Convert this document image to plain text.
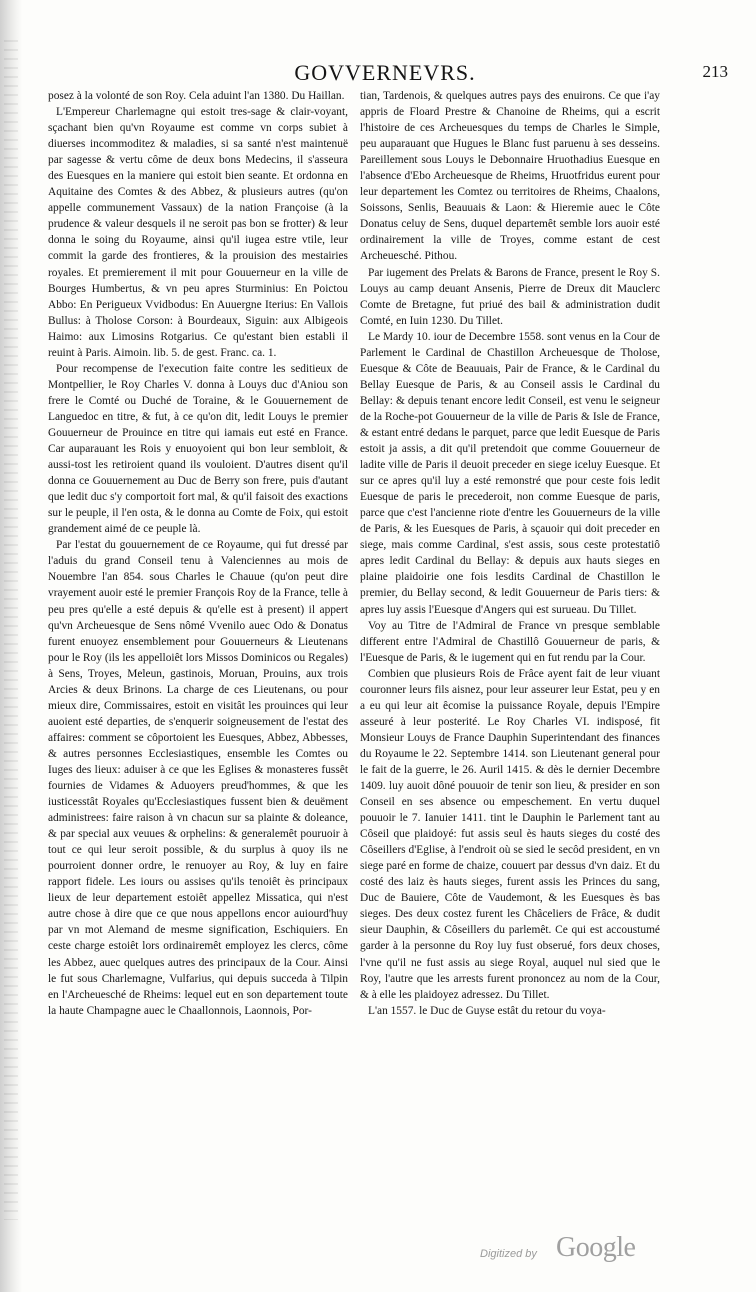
GOVVERNEVRS.	213

posez à la volonté de son Roy. Cela aduint l'an 1380. Du Haillan.

L'Empereur Charlemagne qui estoit tres-sage & clair-voyant, sçachant bien qu'vn Royaume est comme vn corps subiet à diuerses incommoditez & maladies, si sa santé n'est maintenuë par sagesse & vertu côme de deux bons Medecins, il s'asseura des Euesques en la maniere qui estoit bien seante. Et ordonna en Aquitaine des Comtes & des Abbez, & plusieurs autres (qu'on appelle communement Vassaux) de la nation Françoise (à la prudence & valeur desquels il ne seroit pas bon se frotter) & leur donna le soing du Royaume, ainsi qu'il iugea estre vtile, leur commit la garde des frontieres, & la prouision des mestairies royales. Et premierement il mit pour Gouuerneur en la ville de Bourges Humbertus, & vn peu apres Sturminius: En Poictou Abbo: En Perigueux Vvidbodus: En Auuergne Iterius: En Vallois Bullus: à Tholose Corson: à Bourdeaux, Siguin: aux Albigeois Haimo: aux Limosins Rotgarius. Ce qu'estant bien establi il reuint à Paris. Aimoin. lib. 5. de gest. Franc. ca. 1.

Pour recompense de l'execution faite contre les seditieux de Montpellier, le Roy Charles V. donna à Louys duc d'Aniou son frere le Comté ou Duché de Toraine, & le Gouuernement de Languedoc en titre, & fut, à ce qu'on dit, ledit Louys le premier Gouuerneur de Prouince en titre qui iamais eut esté en France. Car auparauant les Rois y enuoyoient qui bon leur sembloit, & aussi-tost les retiroient quand ils vouloient. D'autres disent qu'il donna ce Gouuernement au Duc de Berry son frere, puis d'autant que ledit duc s'y comportoit fort mal, & qu'il faisoit des exactions sur le peuple, il l'en osta, & le donna au Comte de Foix, qui estoit grandement aimé de ce peuple là.

Par l'estat du gouuernement de ce Royaume, qui fut dressé par l'aduis du grand Conseil tenu à Valenciennes au mois de Nouembre l'an 854. sous Charles le Chauue (qu'on peut dire vrayement auoir esté le premier François Roy de la France, telle à peu pres qu'elle a esté depuis & qu'elle est à present) il appert qu'vn Archeuesque de Sens nômé Vvenilo auec Odo & Donatus furent enuoyez ensemblement pour Gouuerneurs & Lieutenans pour le Roy (ils les appelloiêt lors Missos Dominicos ou Regales) à Sens, Troyes, Meleun, gastinois, Moruan, Prouins, aux trois Arcies & deux Brinons. La charge de ces Lieutenans, ou pour mieux dire, Commissaires, estoit en visitât les prouinces qui leur auoient esté departies, de s'enquerir soigneusement de l'estat des affaires: comment se côportoient les Euesques, Abbez, Abbesses, & autres personnes Ecclesiastiques, ensemble les Comtes ou Iuges des lieux: aduiser à ce que les Eglises & monasteres fussêt fournies de Vidames & Aduoyers preud'hommes, & que les iusticesstât Royales qu'Ecclesiastiques fussent bien & deuëment administrees: faire raison à vn chacun sur sa plainte & doleance, & par special aux veuues & orphelins: & generalemêt pouruoir à tout ce qui leur seroit possible, & du surplus à quoy ils ne pourroient donner ordre, le renuoyer au Roy, & luy en faire rapport fidele. Les iours ou assises qu'ils tenoiêt ès principaux lieux de leur departement estoiêt appellez Missatica, qui n'est autre chose à dire que ce que nous appellons encor auiourd'huy par vn mot Alemand de mesme signification, Eschiquiers. En ceste charge estoiêt lors ordinairemêt employez les clercs, côme les Abbez, auec quelques autres des principaux de la Cour. Ainsi le fut sous Charlemagne, Vulfarius, qui depuis succeda à Tilpin en l'Archeuesché de Rheims: lequel eut en son departement toute la haute Champagne auec le Chaallonnois, Laonnois, Por-

tian, Tardenois, & quelques autres pays des enuirons. Ce que i'ay appris de Floard Prestre & Chanoine de Rheims, qui a escrit l'histoire de ces Archeuesques du temps de Charles le Simple, peu auparauant que Hugues le Blanc fust paruenu à ses desseins. Pareillement sous Louys le Debonnaire Hruothadius Euesque en l'absence d'Ebo Archeuesque de Rheims, Hruotfridus eurent pour leur departement les Comtez ou territoires de Rheims, Chaalons, Soissons, Senlis, Beauuais & Laon: & Hieremie auec le Côte Donatus celuy de Sens, duquel departemêt semble lors auoir esté ordinairement la ville de Troyes, comme estant de cest Archeuesché. Pithou.

Par iugement des Prelats & Barons de France, present le Roy S. Louys au camp deuant Ansenis, Pierre de Dreux dit Mauclerc Comte de Bretagne, fut priué des bail & administration dudit Comté, en Iuin 1230. Du Tillet.

Le Mardy 10. iour de Decembre 1558. sont venus en la Cour de Parlement le Cardinal de Chastillon Archeuesque de Tholose, Euesque & Côte de Beauuais, Pair de France, & le Cardinal du Bellay Euesque de Paris, & au Conseil assis le Cardinal du Bellay: & depuis tenant encore ledit Conseil, est venu le seigneur de la Roche-pot Gouuerneur de la ville de Paris & Isle de France, & estant entré dedans le parquet, parce que ledit Euesque de Paris estoit ja assis, a dit qu'il pretendoit que comme Gouuerneur de ladite ville de Paris il deuoit preceder en siege iceluy Euesque. Et sur ce apres qu'il luy a esté remonstré que pour ceste fois ledit Euesque de paris le precederoit, non comme Euesque de paris, parce que c'est l'ancienne riote d'entre les Gouuerneurs de la ville de Paris, & les Euesques de Paris, à sçauoir qui doit preceder en siege, mais comme Cardinal, s'est assis, sous ceste protestatiô apres ledit Cardinal du Bellay: & depuis aux hauts sieges en plaine plaidoirie one fois lesdits Cardinal de Chastillon le premier, du Bellay second, & ledit Gouuerneur de Paris tiers: & apres luy assis l'Euesque d'Angers qui est surueau. Du Tillet.

Voy au Titre de l'Admiral de France vn presque semblable different entre l'Admiral de Chastillô Gouuerneur de paris, & l'Euesque de Paris, & le iugement qui en fut rendu par la Cour.

Combien que plusieurs Rois de Frâce ayent fait de leur viuant couronner leurs fils aisnez, pour leur asseurer leur Estat, peu y en a eu qui leur ait êcomise la puissance Royale, depuis l'Empire asseuré à leur posterité. Le Roy Charles VI. indisposé, fit Monsieur Louys de France Dauphin Superintendant des finances du Royaume le 22. Septembre 1414. son Lieutenant general pour le fait de la guerre, le 26. Auril 1415. & dès le dernier Decembre 1409. luy auoit dôné pouuoir de tenir son lieu, & presider en son Conseil en ses absence ou empeschement. En vertu duquel pouuoir le 7. Ianuier 1411. tint le Dauphin le Parlement tant au Côseil que plaidoyé: fut assis seul ès hauts sieges du costé des Côseillers d'Eglise, à l'endroit où se sied le secôd president, en vn siege paré en forme de chaize, couuert par dessus d'vn daiz. Et du costé des laiz ès hauts sieges, furent assis les Princes du sang, Duc de Bauiere, Côte de Vaudemont, & les Euesques ès bas sieges. Des deux costez furent les Châceliers de Frâce, & dudit sieur Dauphin, & Côseillers du parlemêt. Ce qui est accoustumé garder à la personne du Roy luy fust obserué, fors deux choses, l'vne qu'il ne fust assis au siege Royal, auquel nul sied que le Roy, l'autre que les arrests furent prononcez au nom de la Cour, & à elle les plaidoyez adressez. Du Tillet.

L'an 1557. le Duc de Guyse estât du retour du voya-

Digitized by Google
